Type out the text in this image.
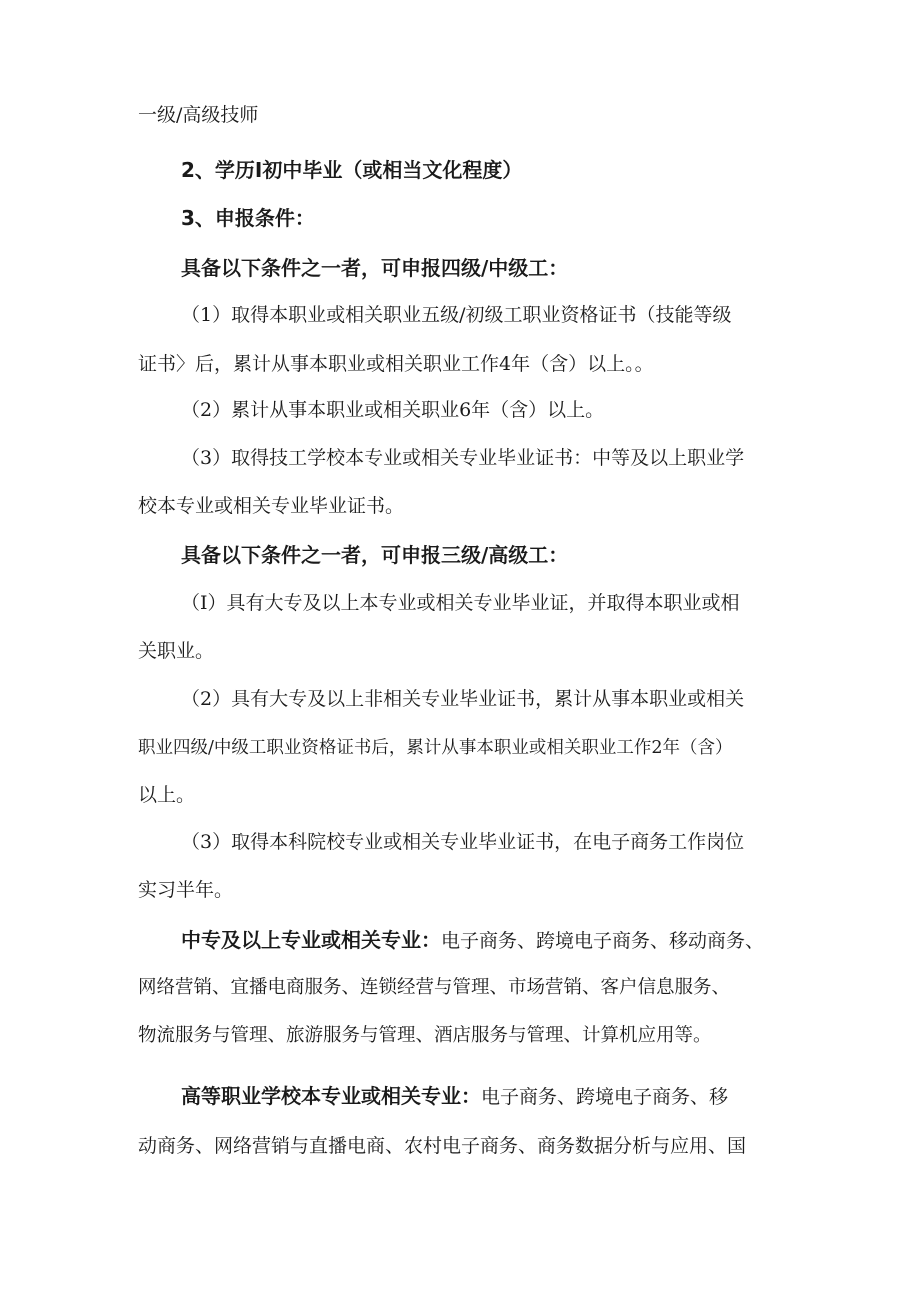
一级/高级技师
2、学历I初中毕业（或相当文化程度）
3、申报条件：
具备以下条件之一者，可申报四级/中级工：
（1）取得本职业或相关职业五级/初级工职业资格证书（技能等级
证书〉后，累计从事本职业或相关职业工作4年（含）以上。。
（2）累计从事本职业或相关职业6年（含）以上。
（3）取得技工学校本专业或相关专业毕业证书：中等及以上职业学
校本专业或相关专业毕业证书。
具备以下条件之一者，可申报三级/高级工：
（I）具有大专及以上本专业或相关专业毕业证，并取得本职业或相
关职业。
（2）具有大专及以上非相关专业毕业证书，累计从事本职业或相关
职业四级/中级工职业资格证书后，累计从事本职业或相关职业工作2年（含）
以上。
（3）取得本科院校专业或相关专业毕业证书，在电子商务工作岗位
实习半年。
中专及以上专业或相关专业：电子商务、跨境电子商务、移动商务、
网络营销、宜播电商服务、连锁经营与管理、市场营销、客户信息服务、
物流服务与管理、旅游服务与管理、酒店服务与管理、计算机应用等。
高等职业学校本专业或相关专业：电子商务、跨境电子商务、移
动商务、网络营销与直播电商、农村电子商务、商务数据分析与应用、国
